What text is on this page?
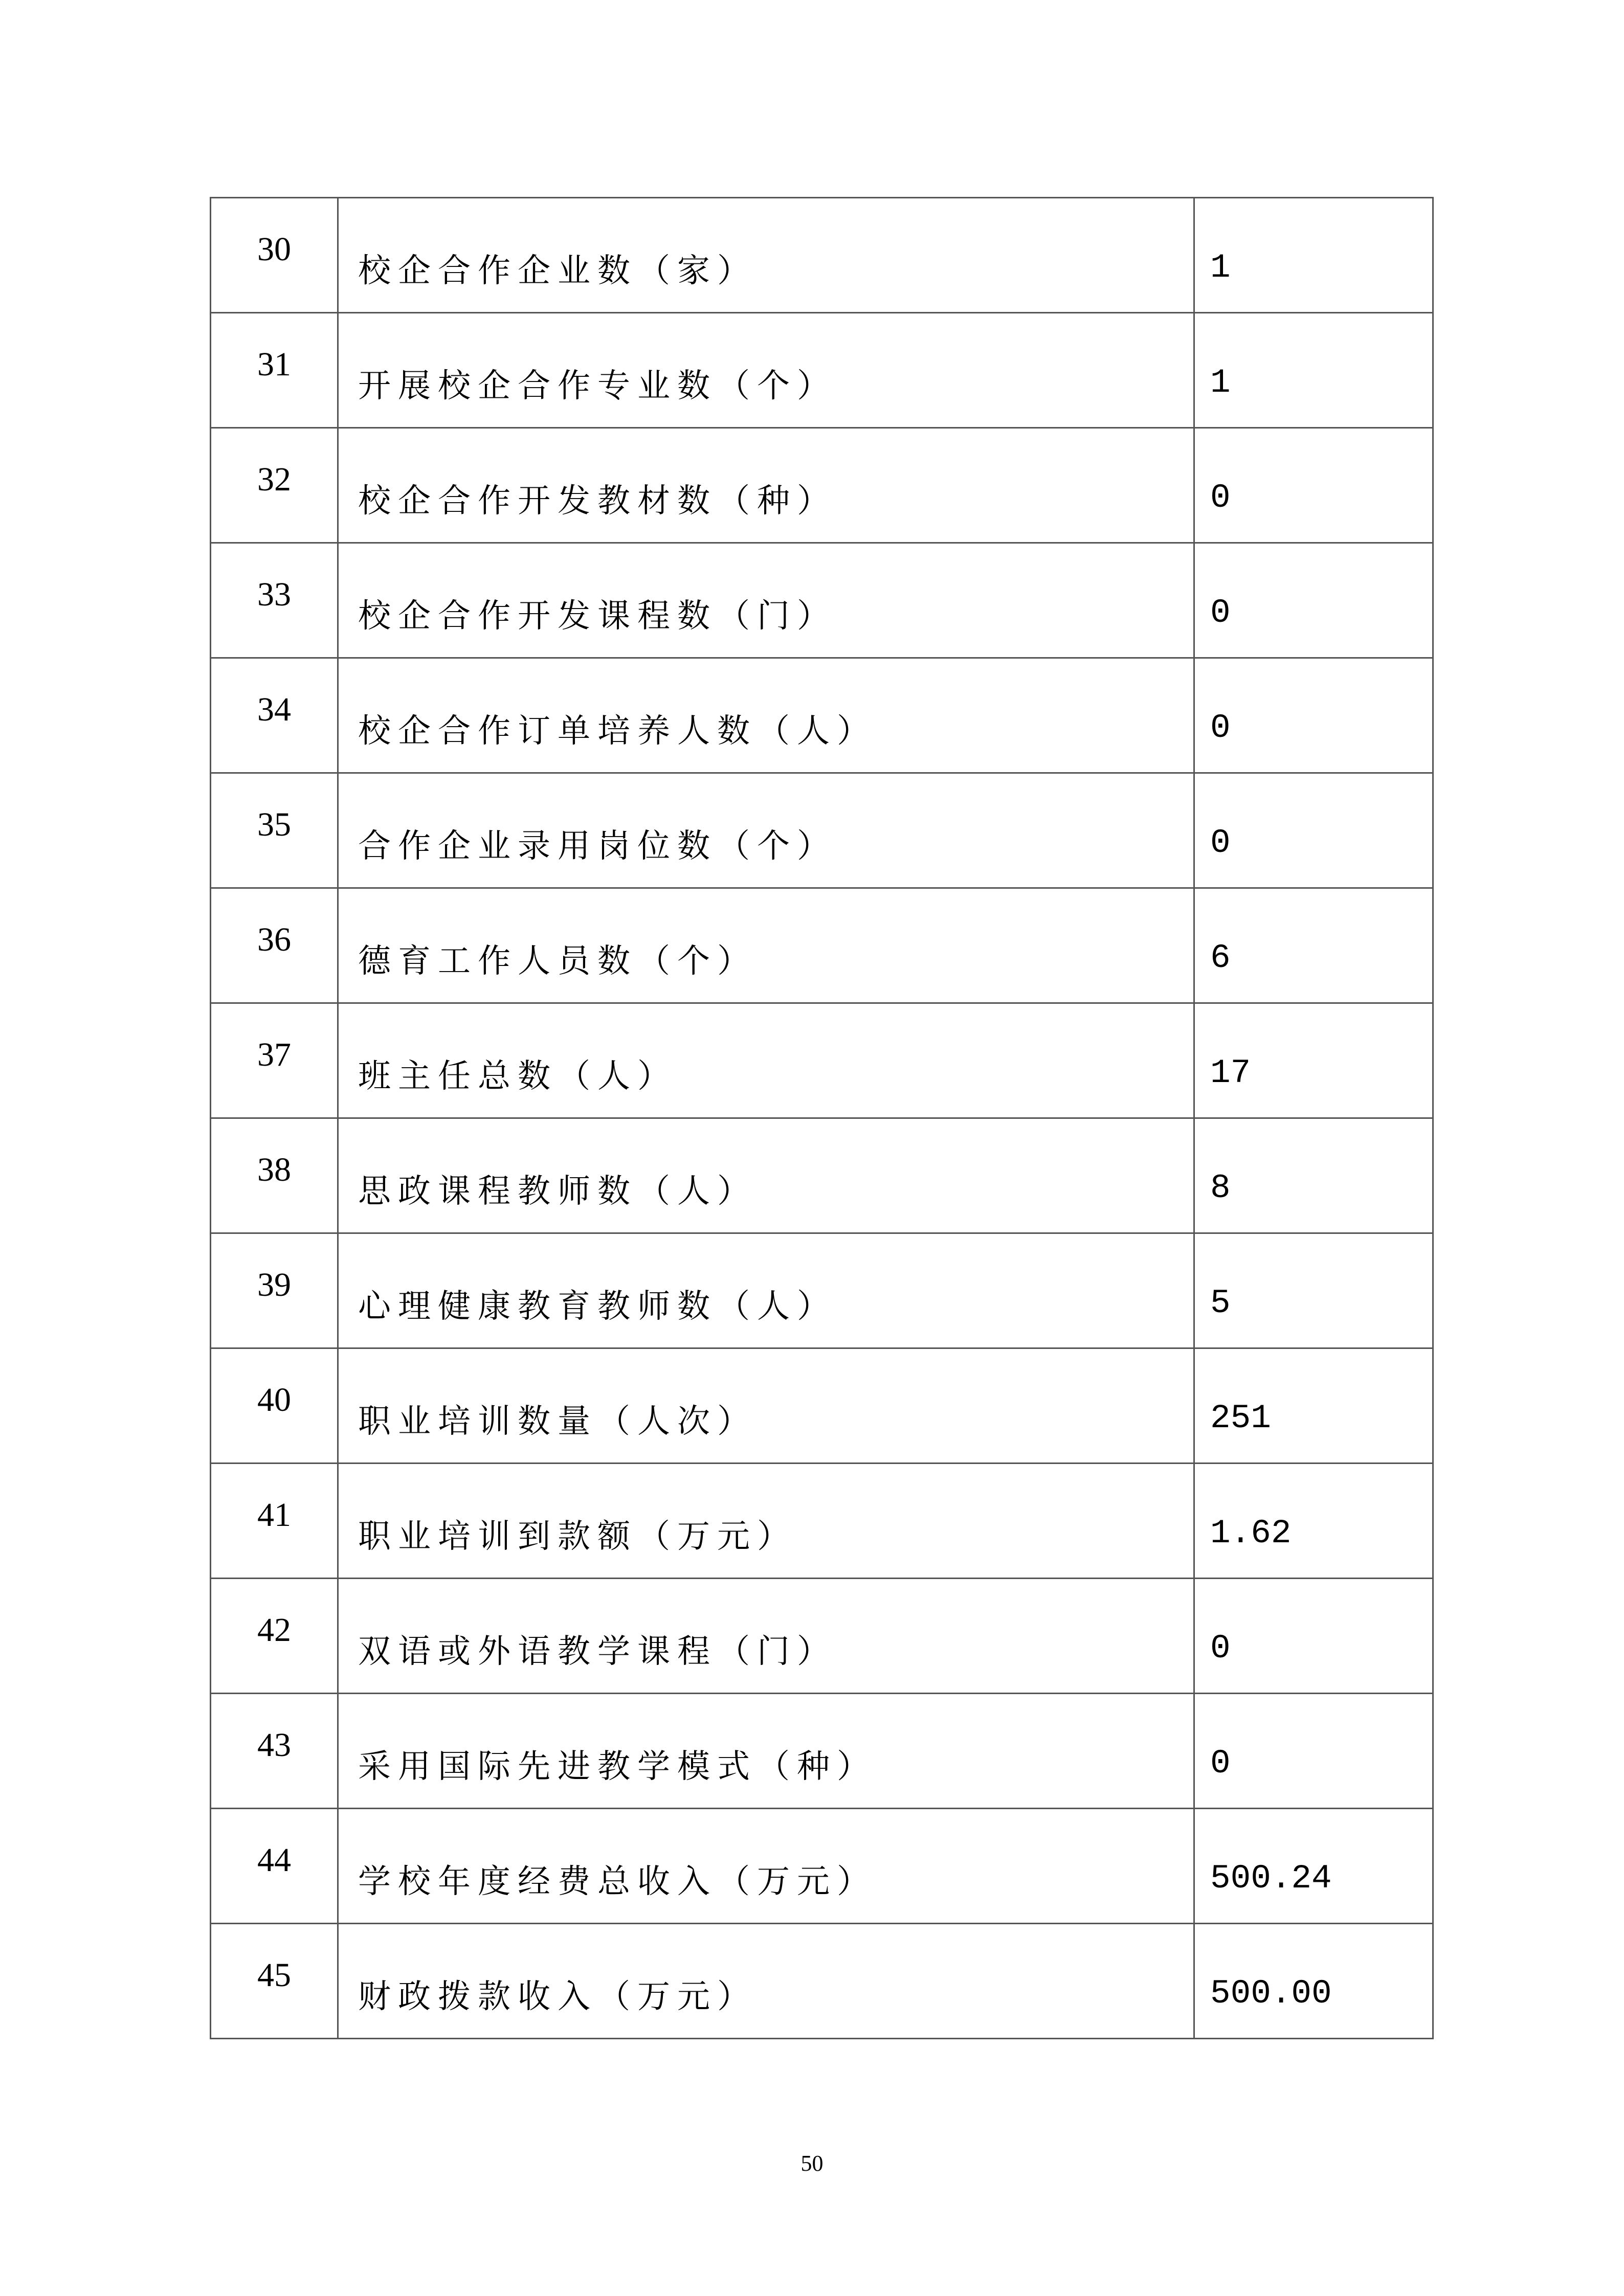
30	校企合作企业数（家）	1

31	开展校企合作专业数（个）	1

32	校企合作开发教材数（种）	0

33	校企合作开发课程数（门）	0

34	校企合作订单培养人数（人）	0

35	合作企业录用岗位数（个）	0

36	德育工作人员数（个）	6

37	班主任总数（人）	17

38	思政课程教师数（人）	8

39	心理健康教育教师数（人）	5

40	职业培训数量（人次）	251

41	职业培训到款额（万元）	1.62

42	双语或外语教学课程（门）	0

43	采用国际先进教学模式（种）	0

44	学校年度经费总收入（万元）	500.24

45	财政拨款收入（万元）	500.00
50
